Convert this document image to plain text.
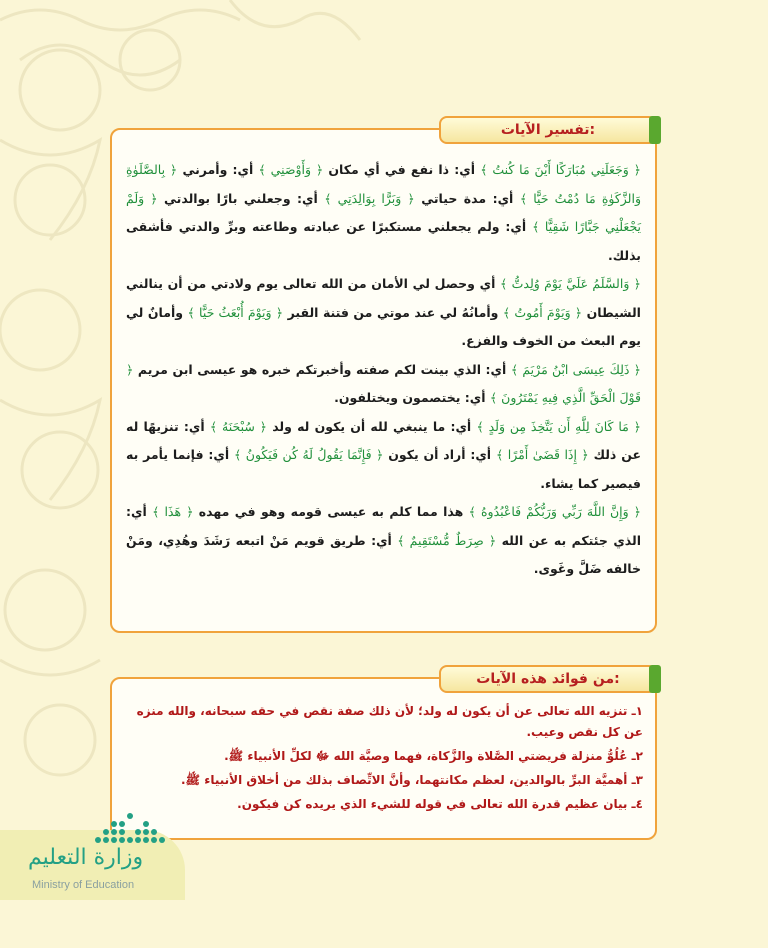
تفسير الآيات:
﴿ وَجَعَلَنِي مُبَارَكًا أَيْنَ مَا كُنتُ ﴾ أي: ذا نفع في أي مكان ﴿ وَأَوْصَنِي ﴾ أي: وأمرني ﴿ بِالصَّلَوٰةِ وَالزَّكَوٰةِ مَا دُمْتُ حَيًّا ﴾ أي: مدة حياتي ﴿ وَبَرًّا بِوَالِدَتِي ﴾ أي: وجعلني بارًا بوالدتي ﴿ وَلَمْ يَجْعَلْنِي جَبَّارًا شَقِيًّا ﴾ أي: ولم يجعلني مستكبرًا عن عبادته وطاعته وبرِّ والدتي فأشقى بذلك.
﴿ وَالسَّلَمُ عَلَيَّ يَوْمَ وُلِدتُّ ﴾ أي وحصل لي الأمان من الله تعالى يوم ولادتي من أن ينالني الشيطان ﴿ وَيَوْمَ أَمُوتُ ﴾ وأمانُهُ لي عند موتي من فتنة القبر ﴿ وَيَوْمَ أُبْعَثُ حَيًّا ﴾ وأمانٌ لي يوم البعث من الخوف والفزع.
﴿ ذَلِكَ عِيسَى ابْنُ مَرْيَمَ ﴾ أي: الذي بينت لكم صفته وأخبرتكم خبره هو عيسى ابن مريم ﴿ قَوْلَ الْحَقِّ الَّذِي فِيهِ يَمْتَرُونَ ﴾ أي: يختصمون ويختلفون.
﴿ مَا كَانَ لِلَّهِ أَن يَتَّخِذَ مِن وَلَدٍ ﴾ أي: ما ينبغي لله أن يكون له ولد ﴿ سُبْحَنَهُ ﴾ أي: تنزيهًا له عن ذلك ﴿ إِذَا قَضَىٰ أَمْرًا ﴾ أي: أراد أن يكون ﴿ فَإِنَّمَا يَقُولُ لَهُ كُن فَيَكُونُ ﴾ أي: فإنما يأمر به فيصير كما يشاء.
﴿ وَإِنَّ اللَّهَ رَبِّي وَرَبُّكُمْ فَاعْبُدُوهُ ﴾ هذا مما كلم به عيسى قومه وهو في مهده ﴿ هَذَا ﴾ أي: الذي جئتكم به عن الله ﴿ صِرَطٌ مُّسْتَقِيمٌ ﴾ أي: طريق قويم مَنْ اتبعه رَشَدَ وهُدِي، ومَنْ خالفه ضَلَّ وغَوى.
من فوائد هذه الآيات:
١ـ تنزيه الله تعالى عن أن يكون له ولد؛ لأن ذلك صفة نقص في حقه سبحانه، والله منزه عن كل نقص وعيب.
٢ـ عُلُوُّ منزلة فريضتي الصَّلاة والزَّكاة، فهما وصيَّة الله ﷻ لكلِّ الأنبياء ﷺ.
٣ـ أهميَّة البرِّ بالوالدين، لعظم مكانتهما، وأنَّ الاتِّصاف بذلك من أخلاق الأنبياء ﷺ.
٤ـ بيان عظيم قدرة الله تعالى في قوله للشيء الذي يريده كن فيكون.
وزارة التعليم
Ministry of Education
